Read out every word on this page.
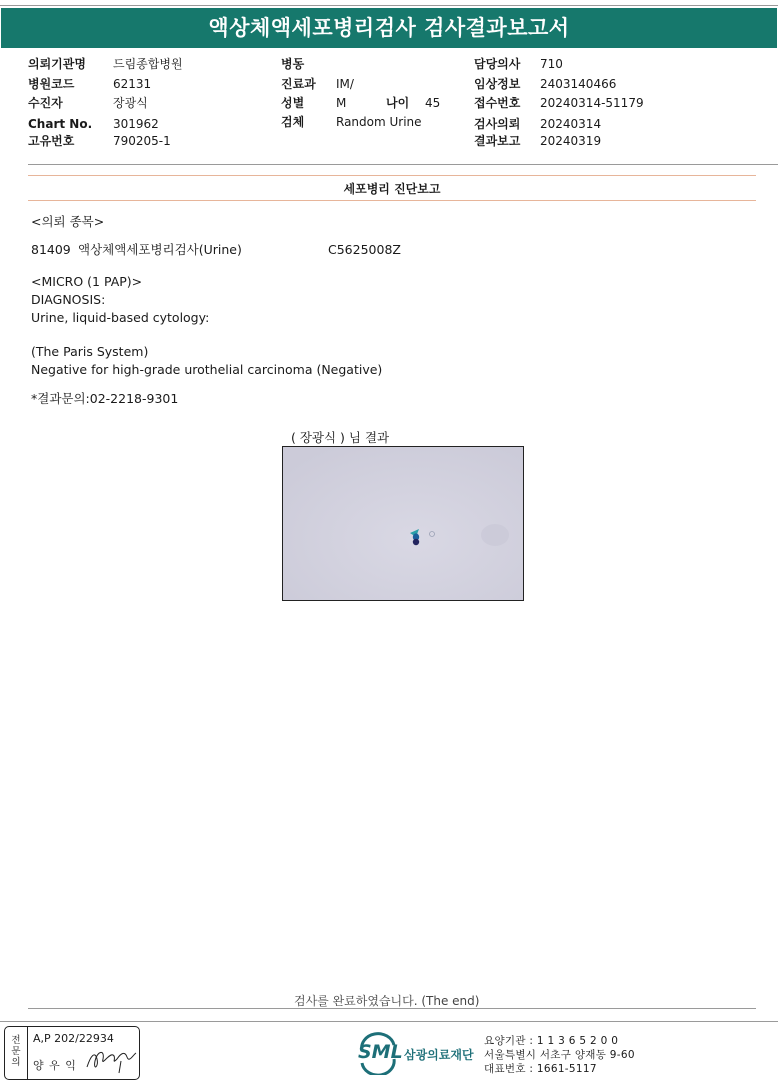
액상체액세포병리검사 검사결과보고서
의뢰기관명 드림종합병원
병원코드	62131
수진자	장광식
Chart No. 301962
고유번호	790205-1
병동
진료과 IM/
성별	M	나이 45
검체	Random Urine
담당의사 710
임상정보 2403140466
접수번호 20240314-51179
검사의뢰 20240314
결과보고 20240319
세포병리 진단보고
<의뢰 종목>
81409 액상체액세포병리검사(Urine)	C5625008Z
<MICRO (1 PAP)>
DIAGNOSIS:
Urine, liquid-based cytology:
(The Paris System)
Negative for high-grade urothelial carcinoma (Negative)
*결과문의:02-2218-9301
( 장광식 ) 님 결과
검사를 완료하였습니다. (The end)
전
문
의
A,P 202/22934
양 우 익
SML 삼광의료재단
요양기관 : 1 1 3 6 5 2 0 0
서울특별시 서초구 양재동 9-60
대표번호 : 1661-5117
